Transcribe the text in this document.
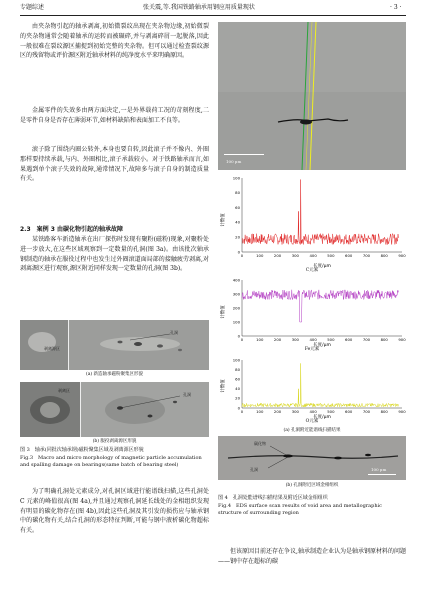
专题综述	张关震,等.我国铁路轴承用钢应用质量现状	· 3 ·
由夹杂物引起的轴承剥离,初始微裂纹出现在夹杂物边缘,初始微裂的夹杂物通常会随着轴承的运转而被碾碎,并与剥离碎屑一起脱落,因此一般很难在裂纹源区捕捉到初始完整的夹杂物。但可以通过检查裂纹源区的残留物或评价源区附近轴承材料的纯净度水平来明确原因。
金属零件的失效多由两方面决定,一是外界载荷工况的苛刻程度,二是零件自身是否存在薄弱环节,如材料缺陷和表面加工不良等。
滚子除了围绕内圈公转外,本身也要自转,因此滚子并不像内、外圈那样要持续承载,与内、外圈相比,滚子承载较小。对于铁路轴承而言,如果遇到单个滚子失效的故障,通常情况下,故障多与滚子自身的制造质量有关。
2.3　案例 3 由碳化物引起的轴承故障
某铁路客车新造轴承在出厂探伤时发现有聚粉(磁粉)现象,对聚粉处进一步放大,在这些区域观察到一定数量的孔洞(图 3a)。由该批次轴承钢制造的轴承在服役过程中也发生过外圈滚道面局部的接触疲劳剥离,对剥离源区进行观察,源区附近同样发现一定数量的孔洞(图 3b)。
剥离源区
孔洞
(a) 新造轴承磁粉聚集区形貌
剥离区
孔洞
(b) 服役剥离源区形貌
图 3　轴承(同批次轴承钢)磁粉聚集区域及剥离源区形貌
Fig.3　Macro and micro morphology of magnetic particle accumulation and spalling damage on bearings(same batch of bearing steel)
为了明确孔洞处元素成分,对孔洞区域进行能谱线扫描,这些孔洞处 C 元素的峰值很高(图 4a),并且通过观察孔洞延长线处的金相组织发现有明显的碳化物存在(图 4b),因此这些孔洞及其引发的损伤应与轴承钢中的碳化物有关,结合孔洞的形态特征判断,可能与钢中液析碳化物超标有关。
100 μm
计数值
0
20
40
60
80
100
0	100	200	300	400	500	600	700	800	900
长度/μm
C元素
计数值
0
100
200
300
400
0	100	200	300	400	500	600	700	800	900
长度/μm
Fe元素
计数值
0
20
40
60
80
100
0	100	200	300	400	500	600	700	800	900
长度/μm
O元素
(a) 孔洞附近能谱线扫描结果
碳化物
孔洞	100 μm
(b) 孔洞附近区域金相组织
图 4　孔洞处能谱线扫描结果及附近区域金相组织
Fig.4　EDS surface scan results of void area and metallographic structure of surrounding region
但该原因目前还存在争议,轴承制造企业认为是轴承钢原材料的问题——钢中存在超标的碳
